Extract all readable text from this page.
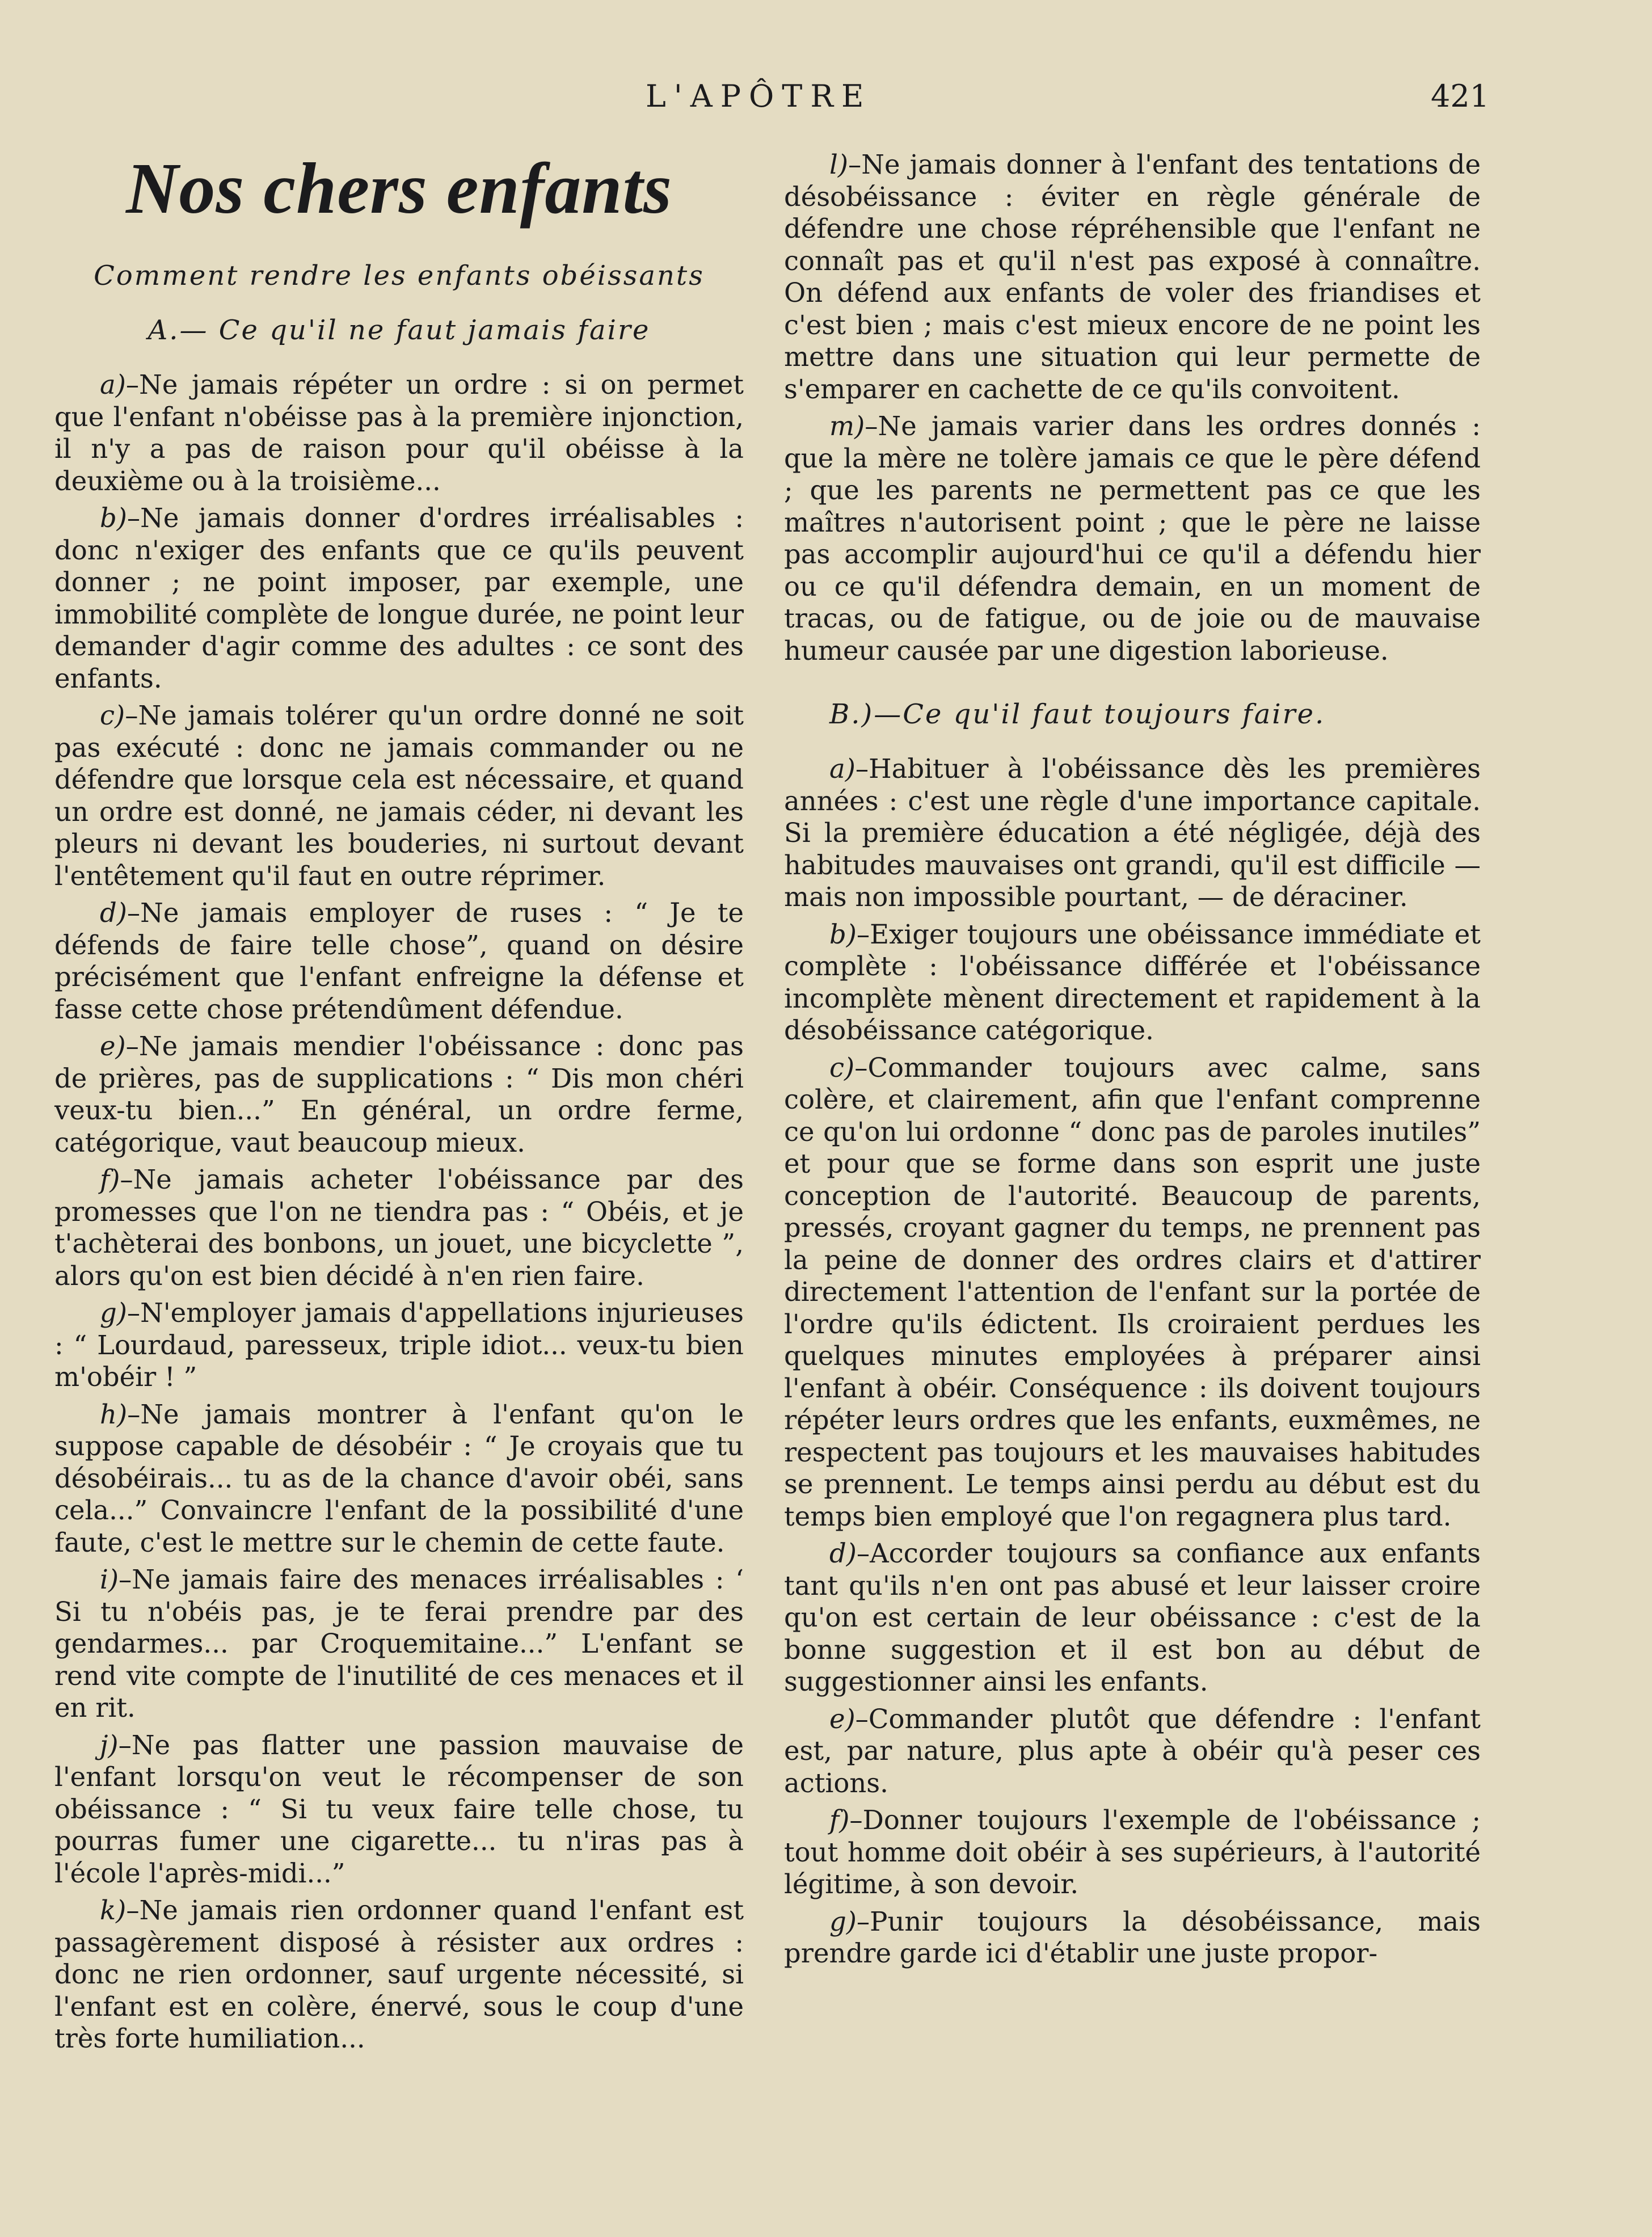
L'APÔTRE	421
Nos chers enfants
Comment rendre les enfants obéissants
A.— Ce qu'il ne faut jamais faire

a)–Ne jamais répéter un ordre : si on permet que l'enfant n'obéisse pas à la première injonction, il n'y a pas de raison pour qu'il obéisse à la deuxième ou à la troisième...

b)–Ne jamais donner d'ordres irréalisables : donc n'exiger des enfants que ce qu'ils peuvent donner ; ne point imposer, par exemple, une immobilité complète de longue durée, ne point leur demander d'agir comme des adultes : ce sont des enfants.

c)–Ne jamais tolérer qu'un ordre donné ne soit pas exécuté : donc ne jamais commander ou ne défendre que lorsque cela est nécessaire, et quand un ordre est donné, ne jamais céder, ni devant les pleurs ni devant les bouderies, ni surtout devant l'entêtement qu'il faut en outre réprimer.

d)–Ne jamais employer de ruses : “ Je te défends de faire telle chose”, quand on désire précisément que l'enfant enfreigne la défense et fasse cette chose prétendûment défendue.

e)–Ne jamais mendier l'obéissance : donc pas de prières, pas de supplications : “ Dis mon chéri veux-tu bien...” En général, un ordre ferme, catégorique, vaut beaucoup mieux.

f)–Ne jamais acheter l'obéissance par des promesses que l'on ne tiendra pas : “ Obéis, et je t'achèterai des bonbons, un jouet, une bicyclette ”, alors qu'on est bien décidé à n'en rien faire.

g)–N'employer jamais d'appellations injurieuses : “ Lourdaud, paresseux, triple idiot... veux-tu bien m'obéir ! ”

h)–Ne jamais montrer à l'enfant qu'on le suppose capable de désobéir : “ Je croyais que tu désobéirais... tu as de la chance d'avoir obéi, sans cela...” Convaincre l'enfant de la possibilité d'une faute, c'est le mettre sur le chemin de cette faute.

i)–Ne jamais faire des menaces irréalisables : ‘ Si tu n'obéis pas, je te ferai prendre par des gendarmes... par Croquemitaine...” L'enfant se rend vite compte de l'inutilité de ces menaces et il en rit.

j)–Ne pas flatter une passion mauvaise de l'enfant lorsqu'on veut le récompenser de son obéissance : “ Si tu veux faire telle chose, tu pourras fumer une cigarette... tu n'iras pas à l'école l'après-midi...”

k)–Ne jamais rien ordonner quand l'enfant est passagèrement disposé à résister aux ordres : donc ne rien ordonner, sauf urgente nécessité, si l'enfant est en colère, énervé, sous le coup d'une très forte humiliation...

l)–Ne jamais donner à l'enfant des tentations de désobéissance : éviter en règle générale de défendre une chose répréhensible que l'enfant ne connaît pas et qu'il n'est pas exposé à connaître. On défend aux enfants de voler des friandises et c'est bien ; mais c'est mieux encore de ne point les mettre dans une situation qui leur permette de s'emparer en cachette de ce qu'ils convoitent.

m)–Ne jamais varier dans les ordres donnés : que la mère ne tolère jamais ce que le père défend ; que les parents ne permettent pas ce que les maîtres n'autorisent point ; que le père ne laisse pas accomplir aujourd'hui ce qu'il a défendu hier ou ce qu'il défendra demain, en un moment de tracas, ou de fatigue, ou de joie ou de mauvaise humeur causée par une digestion laborieuse.

B.)—Ce qu'il faut toujours faire.

a)–Habituer à l'obéissance dès les premières années : c'est une règle d'une importance capitale. Si la première éducation a été négligée, déjà des habitudes mauvaises ont grandi, qu'il est difficile — mais non impossible pourtant, — de déraciner.

b)–Exiger toujours une obéissance immédiate et complète : l'obéissance différée et l'obéissance incomplète mènent directement et rapidement à la désobéissance catégorique.

c)–Commander toujours avec calme, sans colère, et clairement, afin que l'enfant comprenne ce qu'on lui ordonne “ donc pas de paroles inutiles” et pour que se forme dans son esprit une juste conception de l'autorité. Beaucoup de parents, pressés, croyant gagner du temps, ne prennent pas la peine de donner des ordres clairs et d'attirer directement l'attention de l'enfant sur la portée de l'ordre qu'ils édictent. Ils croiraient perdues les quelques minutes employées à préparer ainsi l'enfant à obéir. Conséquence : ils doivent toujours répéter leurs ordres que les enfants, euxmêmes, ne respectent pas toujours et les mauvaises habitudes se prennent. Le temps ainsi perdu au début est du temps bien employé que l'on regagnera plus tard.

d)–Accorder toujours sa confiance aux enfants tant qu'ils n'en ont pas abusé et leur laisser croire qu'on est certain de leur obéissance : c'est de la bonne suggestion et il est bon au début de suggestionner ainsi les enfants.

e)–Commander plutôt que défendre : l'enfant est, par nature, plus apte à obéir qu'à peser ces actions.

f)–Donner toujours l'exemple de l'obéissance ; tout homme doit obéir à ses supérieurs, à l'autorité légitime, à son devoir.

g)–Punir toujours la désobéissance, mais prendre garde ici d'établir une juste propor-
